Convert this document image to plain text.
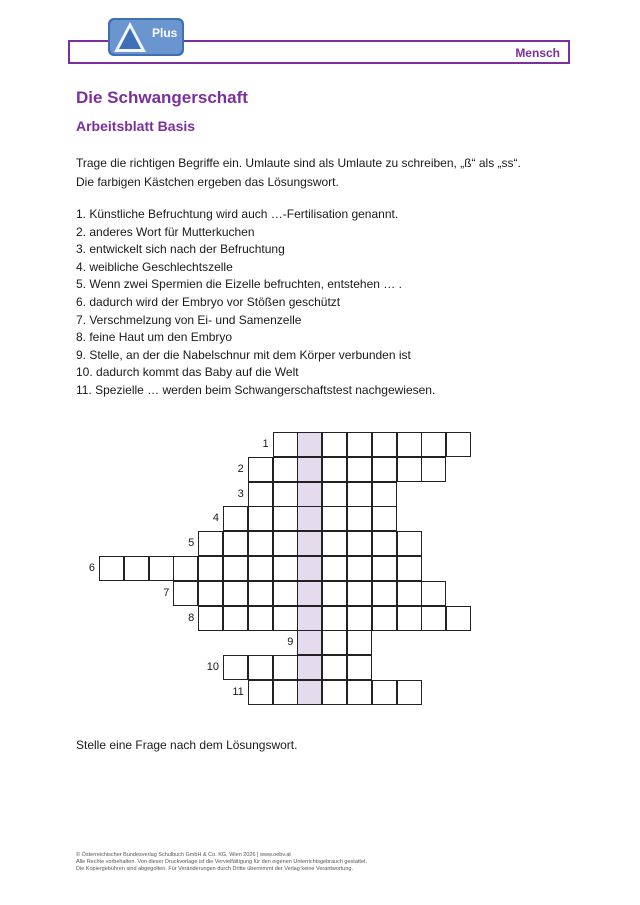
Mensch
Plus
Die Schwangerschaft
Arbeitsblatt Basis
Trage die richtigen Begriffe ein. Umlaute sind als Umlaute zu schreiben, „ß“ als „ss“.
Die farbigen Kästchen ergeben das Lösungswort.
1. Künstliche Befruchtung wird auch …-Fertilisation genannt.
2. anderes Wort für Mutterkuchen
3. entwickelt sich nach der Befruchtung
4. weibliche Geschlechtszelle
5. Wenn zwei Spermien die Eizelle befruchten, entstehen … .
6. dadurch wird der Embryo vor Stößen geschützt
7. Verschmelzung von Ei- und Samenzelle
8. feine Haut um den Embryo
9. Stelle, an der die Nabelschnur mit dem Körper verbunden ist
10. dadurch kommt das Baby auf die Welt
11. Spezielle … werden beim Schwangerschaftstest nachgewiesen.
1
2
3
4
5
6
7
8
9
10
11
Stelle eine Frage nach dem Lösungswort.
© Österreichischer Bundesverlag Schulbuch GmbH & Co. KG, Wien 2026 | www.oebv.at
Alle Rechte vorbehalten. Von dieser Druckvorlage ist die Vervielfältigung für den eigenen Unterrichtsgebrauch gestattet.
Die Kopiergebühren sind abgegolten. Für Veränderungen durch Dritte übernimmt der Verlag keine Verantwortung.
